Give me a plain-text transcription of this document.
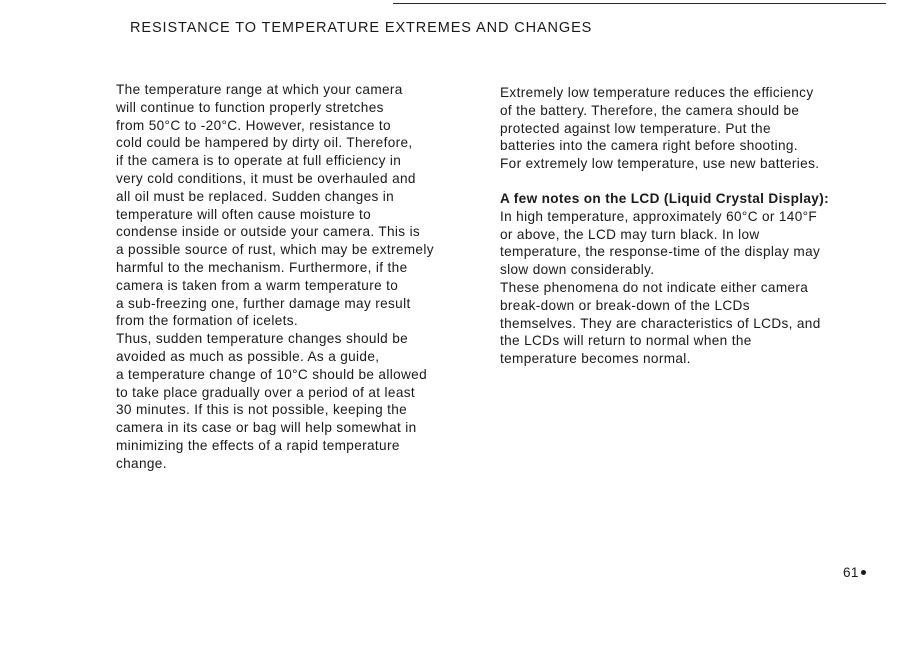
RESISTANCE TO TEMPERATURE EXTREMES AND CHANGES
The temperature range at which your camera
will continue to function properly stretches
from 50°C to -20°C. However, resistance to
cold could be hampered by dirty oil. Therefore,
if the camera is to operate at full efficiency in
very cold conditions, it must be overhauled and
all oil must be replaced. Sudden changes in
temperature will often cause moisture to
condense inside or outside your camera. This is
a possible source of rust, which may be extremely
harmful to the mechanism. Furthermore, if the
camera is taken from a warm temperature to
a sub-freezing one, further damage may result
from the formation of icelets.
Thus, sudden temperature changes should be
avoided as much as possible. As a guide,
a temperature change of 10°C should be allowed
to take place gradually over a period of at least
30 minutes. If this is not possible, keeping the
camera in its case or bag will help somewhat in
minimizing the effects of a rapid temperature
change.
Extremely low temperature reduces the efficiency
of the battery. Therefore, the camera should be
protected against low temperature. Put the
batteries into the camera right before shooting.
For extremely low temperature, use new batteries.
A few notes on the LCD (Liquid Crystal Display):
In high temperature, approximately 60°C or 140°F
or above, the LCD may turn black. In low
temperature, the response-time of the display may
slow down considerably.
These phenomena do not indicate either camera
break-down or break-down of the LCDs
themselves. They are characteristics of LCDs, and
the LCDs will return to normal when the
temperature becomes normal.
61
